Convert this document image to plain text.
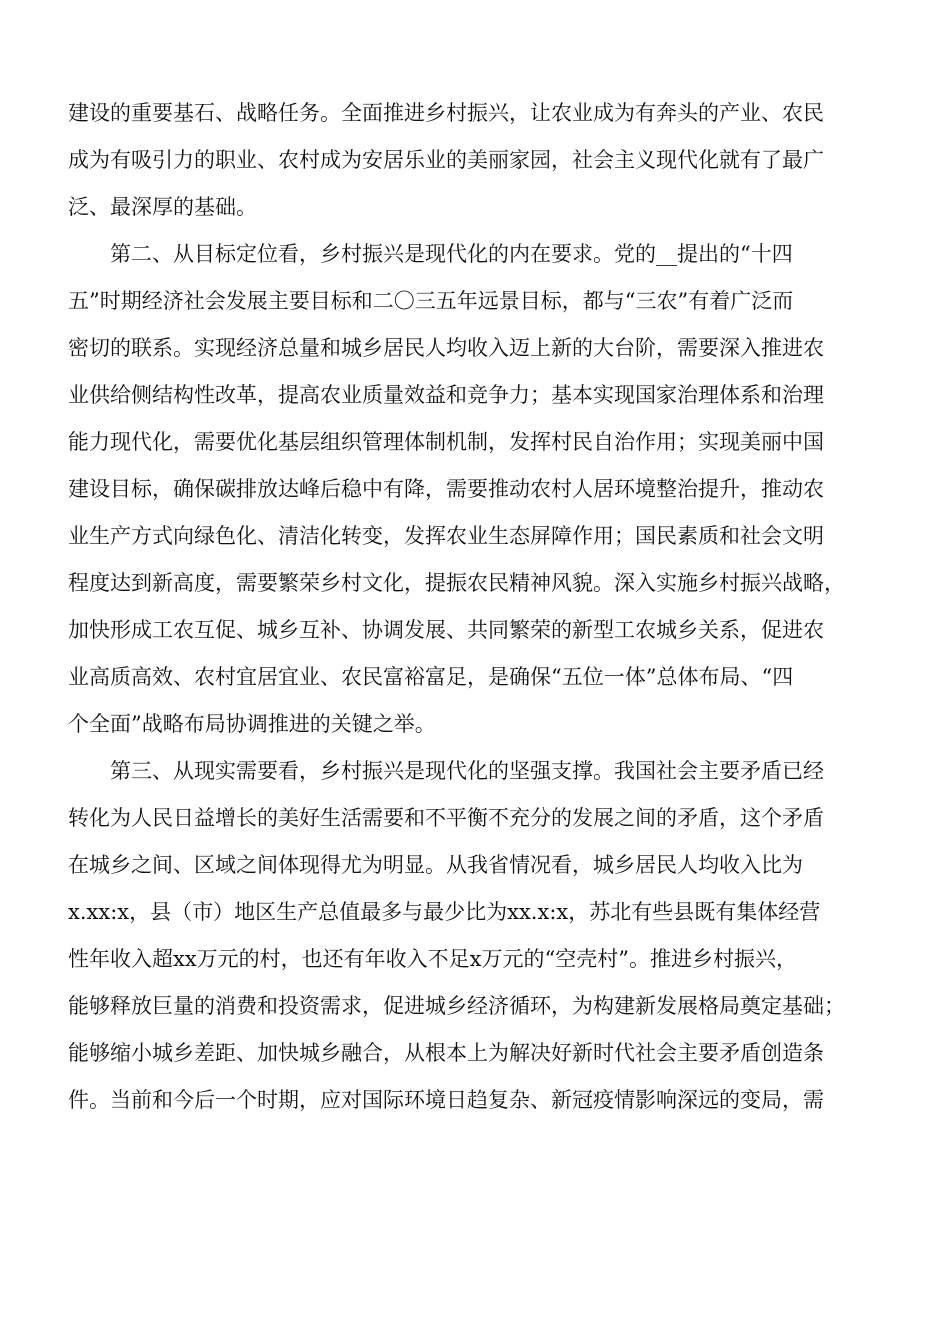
建设的重要基石、战略任务。全面推进乡村振兴，让农业成为有奔头的产业、农民
成为有吸引力的职业、农村成为安居乐业的美丽家园，社会主义现代化就有了最广
泛、最深厚的基础。
　　第二、从目标定位看，乡村振兴是现代化的内在要求。党的__提出的“十四
五”时期经济社会发展主要目标和二〇三五年远景目标，都与“三农”有着广泛而
密切的联系。实现经济总量和城乡居民人均收入迈上新的大台阶，需要深入推进农
业供给侧结构性改革，提高农业质量效益和竞争力；基本实现国家治理体系和治理
能力现代化，需要优化基层组织管理体制机制，发挥村民自治作用；实现美丽中国
建设目标，确保碳排放达峰后稳中有降，需要推动农村人居环境整治提升，推动农
业生产方式向绿色化、清洁化转变，发挥农业生态屏障作用；国民素质和社会文明
程度达到新高度，需要繁荣乡村文化，提振农民精神风貌。深入实施乡村振兴战略，
加快形成工农互促、城乡互补、协调发展、共同繁荣的新型工农城乡关系，促进农
业高质高效、农村宜居宜业、农民富裕富足，是确保“五位一体”总体布局、“四
个全面”战略布局协调推进的关键之举。
　　第三、从现实需要看，乡村振兴是现代化的坚强支撑。我国社会主要矛盾已经
转化为人民日益增长的美好生活需要和不平衡不充分的发展之间的矛盾，这个矛盾
在城乡之间、区域之间体现得尤为明显。从我省情况看，城乡居民人均收入比为
x.xx:x，县（市）地区生产总值最多与最少比为xx.x:x，苏北有些县既有集体经营
性年收入超xx万元的村，也还有年收入不足x万元的“空壳村”。推进乡村振兴，
能够释放巨量的消费和投资需求，促进城乡经济循环，为构建新发展格局奠定基础；
能够缩小城乡差距、加快城乡融合，从根本上为解决好新时代社会主要矛盾创造条
件。当前和今后一个时期，应对国际环境日趋复杂、新冠疫情影响深远的变局，需
